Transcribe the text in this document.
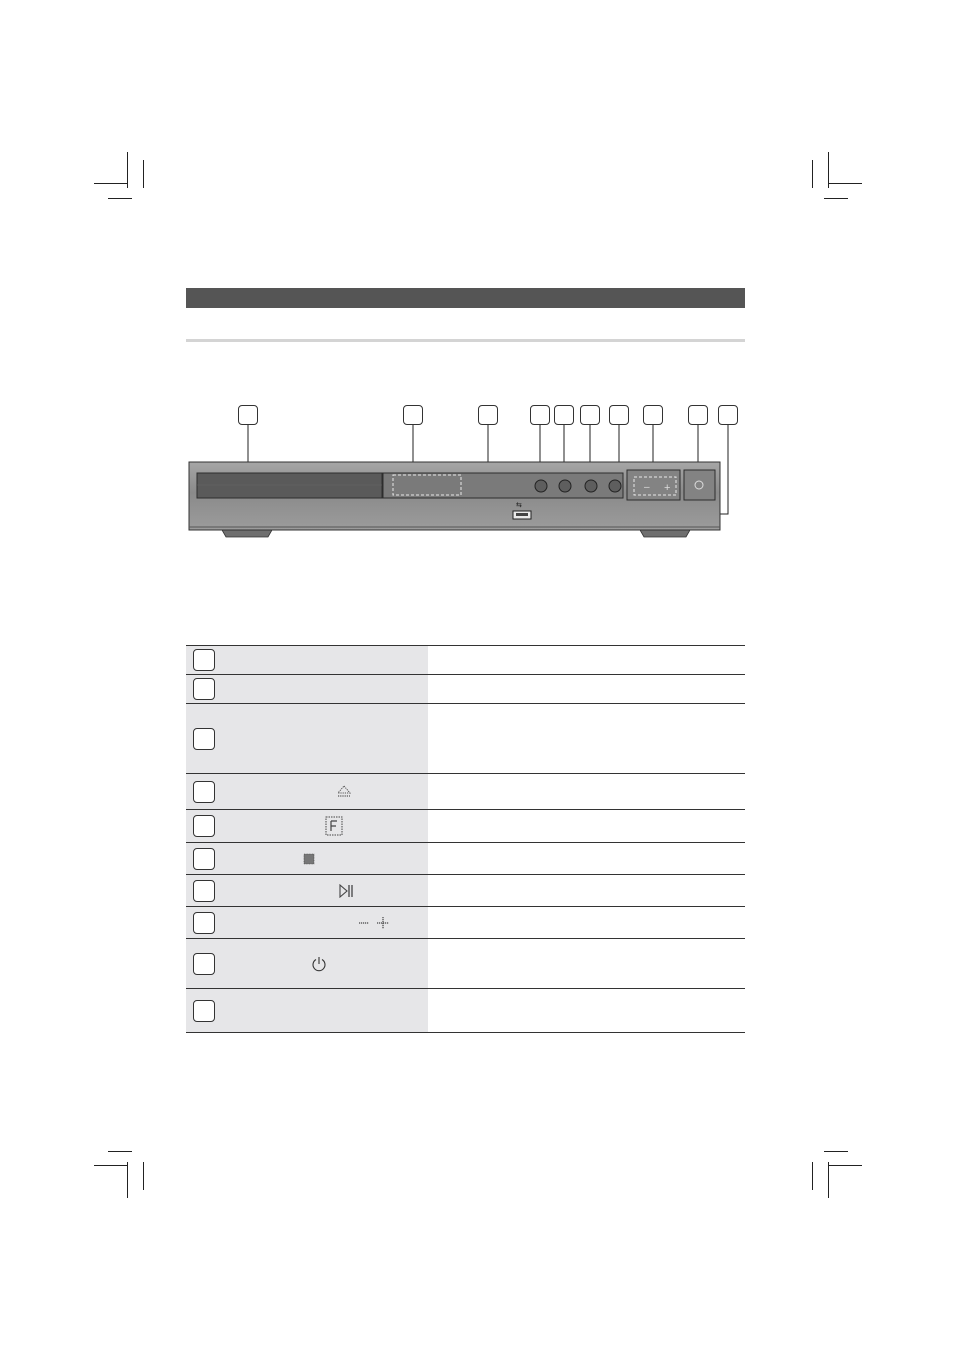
– +
⇆
